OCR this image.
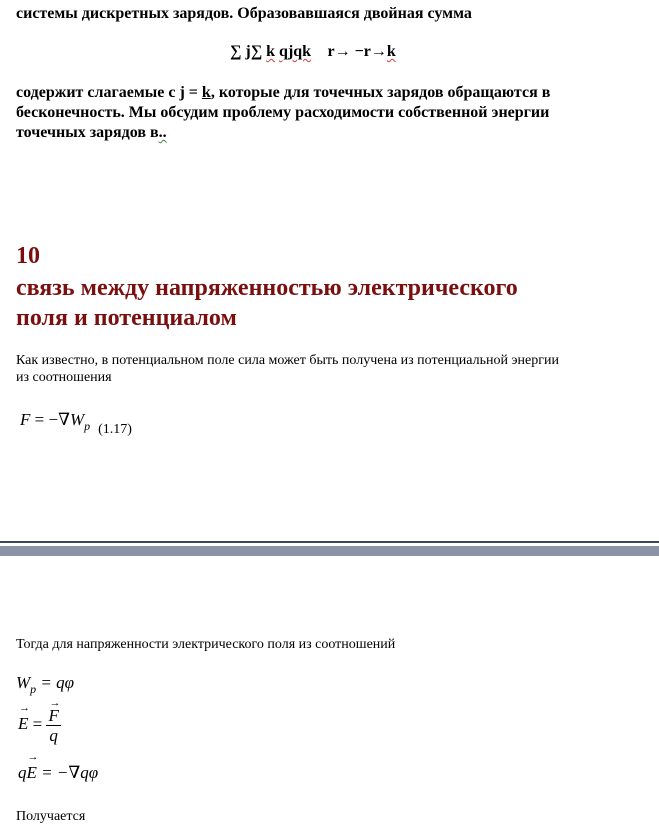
системы дискретных зарядов. Образовавшаяся двойная сумма
∑ j∑ k qjqk r→ −r→k
содержит слагаемые с j = k, которые для точечных зарядов обращаются в
бесконечность. Мы обсудим проблему расходимости собственной энергии
точечных зарядов в..
10
связь между напряженностью электрического
поля и потенциалом
Как известно, в потенциальном поле сила может быть получена из потенциальной энергии
из соотношения
$F = -\nabla W_p$ (1.17)
Тогда для напряженности электрического поля из соотношений
$W_p = q\varphi$
→ E =
→ $\frac{F}{q}$
q→ E = −∇qφ
Получается
